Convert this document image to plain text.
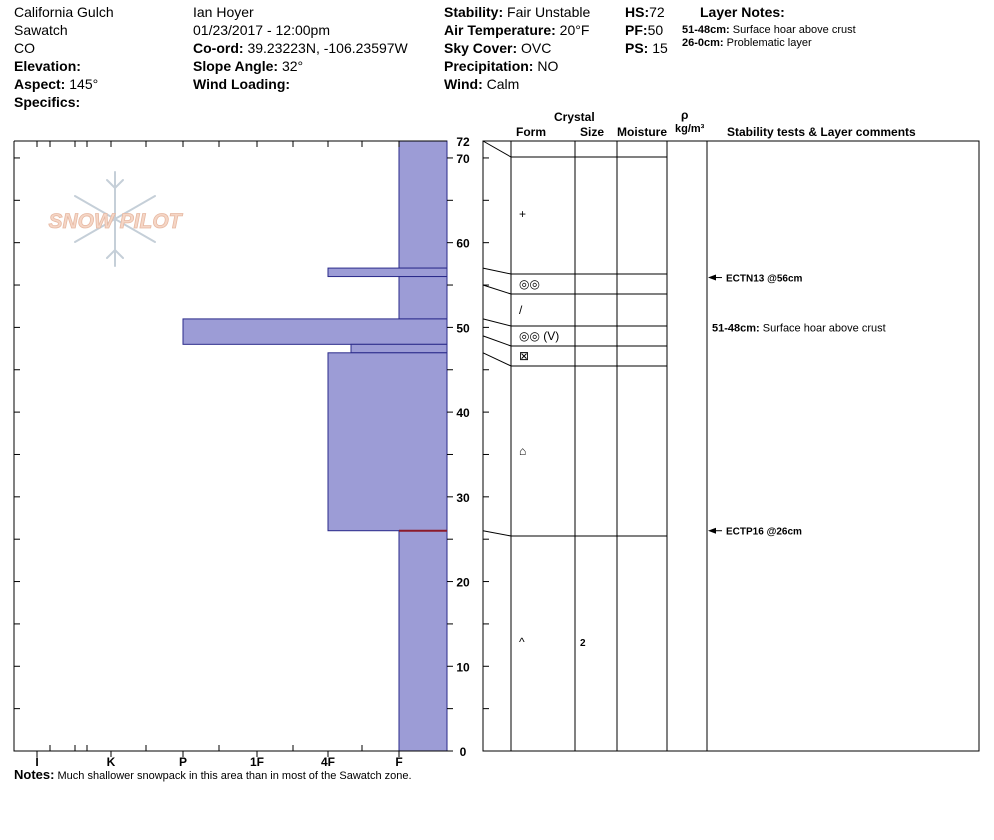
California Gulch
Sawatch
CO
Elevation:
Aspect: 145°
Specifics:
Ian Hoyer
01/23/2017 - 12:00pm
Co-ord: 39.23223N, -106.23597W
Slope Angle: 32°
Wind Loading:
Stability: Fair Unstable
Air Temperature: 20°F
Sky Cover: OVC
Precipitation: NO
Wind: Calm
HS:72
PF:50
PS: 15
Layer Notes:
51-48cm: Surface hoar above crust
26-0cm: Problematic layer
Crystal
Form	Size Moisture
ρ
kg/m³ Stability tests & Layer comments
SNOW PILOT
I	K	P	1F	4F	F
0
10
20
30
40
50
60
70
72
+
◎◎
/
◎◎ (V)
⊠
⌂
^	2
ECTN13 @56cm
ECTP16 @26cm
51-48cm: Surface hoar above crust
Notes: Much shallower snowpack in this area than in most of the Sawatch zone.
